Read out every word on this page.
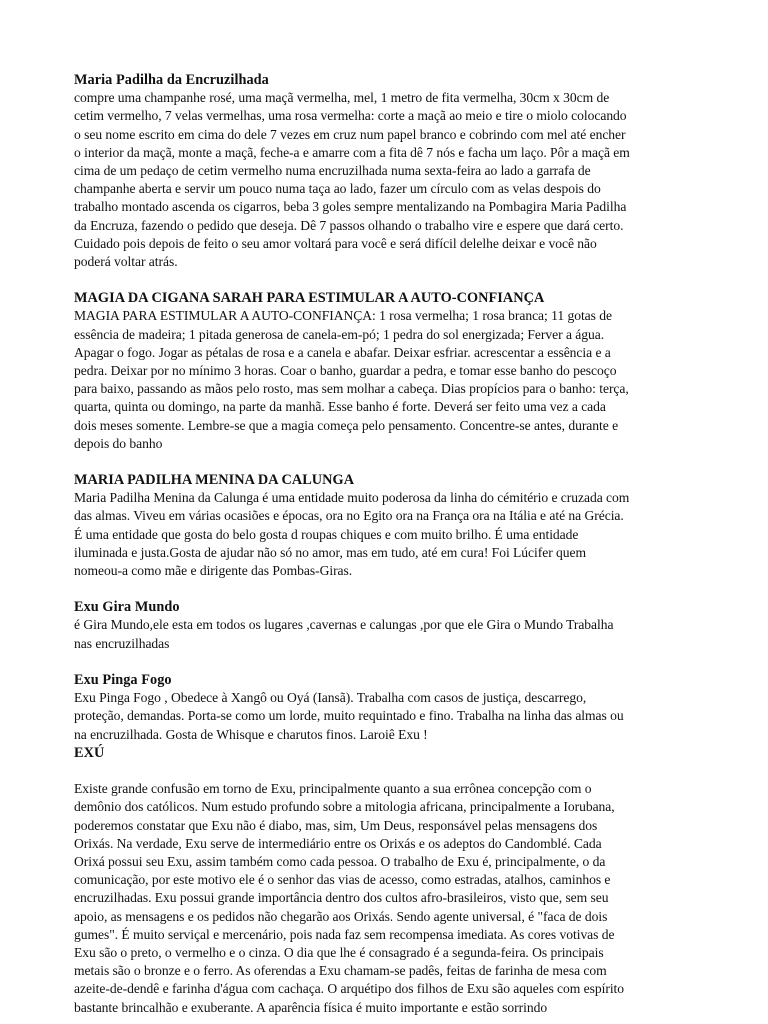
Maria Padilha da Encruzilhada
compre uma champanhe rosé, uma maçã vermelha, mel, 1 metro de fita vermelha, 30cm x 30cm de
cetim vermelho, 7 velas vermelhas, uma rosa vermelha: corte a maçã ao meio e tire o miolo colocando
o seu nome escrito em cima do dele 7 vezes em cruz num papel branco e cobrindo com mel até encher
o interior da maçã, monte a maçã, feche-a e amarre com a fita dê 7 nós e facha um laço. Pôr a maçã em
cima de um pedaço de cetim vermelho numa encruzilhada numa sexta-feira ao lado a garrafa de
champanhe aberta e servir um pouco numa taça ao lado, fazer um círculo com as velas despois do
trabalho montado ascenda os cigarros, beba 3 goles sempre mentalizando na Pombagira Maria Padilha
da Encruza, fazendo o pedido que deseja. Dê 7 passos olhando o trabalho vire e espere que dará certo.
Cuidado pois depois de feito o seu amor voltará para você e será difícil delelhe deixar e você não
poderá voltar atrás.
MAGIA DA CIGANA SARAH PARA ESTIMULAR A AUTO-CONFIANÇA
MAGIA PARA ESTIMULAR A AUTO-CONFIANÇA: 1 rosa vermelha; 1 rosa branca; 11 gotas de
essência de madeira; 1 pitada generosa de canela-em-pó; 1 pedra do sol energizada; Ferver a água.
Apagar o fogo. Jogar as pétalas de rosa e a canela e abafar. Deixar esfriar. acrescentar a essência e a
pedra. Deixar por no mínimo 3 horas. Coar o banho, guardar a pedra, e tomar esse banho do pescoço
para baixo, passando as mãos pelo rosto, mas sem molhar a cabeça. Dias propícios para o banho: terça,
quarta, quinta ou domingo, na parte da manhã. Esse banho é forte. Deverá ser feito uma vez a cada
dois meses somente. Lembre-se que a magia começa pelo pensamento. Concentre-se antes, durante e
depois do banho
MARIA PADILHA MENINA DA CALUNGA
Maria Padilha Menina da Calunga é uma entidade muito poderosa da linha do cémitério e cruzada com
das almas. Viveu em várias ocasiões e épocas, ora no Egito ora na França ora na Itália e até na Grécia.
É uma entidade que gosta do belo gosta d roupas chiques e com muito brilho. É uma entidade
iluminada e justa.Gosta de ajudar não só no amor, mas em tudo, até em cura! Foi Lúcifer quem
nomeou-a como mãe e dirigente das Pombas-Giras.
Exu Gira Mundo
é Gira Mundo,ele esta em todos os lugares ,cavernas e calungas ,por que ele Gira o Mundo Trabalha
nas encruzilhadas
Exu Pinga Fogo
Exu Pinga Fogo , Obedece à Xangô ou Oyá (Iansã). Trabalha com casos de justiça, descarrego,
proteção, demandas. Porta-se como um lorde, muito requintado e fino. Trabalha na linha das almas ou
na encruzilhada. Gosta de Whisque e charutos finos. Laroiê Exu !
EXÚ
Existe grande confusão em torno de Exu, principalmente quanto a sua errônea concepção com o
demônio dos católicos. Num estudo profundo sobre a mitologia africana, principalmente a Iorubana,
poderemos constatar que Exu não é diabo, mas, sim, Um Deus, responsável pelas mensagens dos
Orixás. Na verdade, Exu serve de intermediário entre os Orixás e os adeptos do Candomblé. Cada
Orixá possui seu Exu, assim também como cada pessoa. O trabalho de Exu é, principalmente, o da
comunicação, por este motivo ele é o senhor das vias de acesso, como estradas, atalhos, caminhos e
encruzilhadas. Exu possui grande importância dentro dos cultos afro-brasileiros, visto que, sem seu
apoio, as mensagens e os pedidos não chegarão aos Orixás. Sendo agente universal, é "faca de dois
gumes". É muito serviçal e mercenário, pois nada faz sem recompensa imediata. As cores votivas de
Exu são o preto, o vermelho e o cinza. O dia que lhe é consagrado é a segunda-feira. Os principais
metais são o bronze e o ferro. As oferendas a Exu chamam-se padês, feitas de farinha de mesa com
azeite-de-dendê e farinha d'água com cachaça. O arquétipo dos filhos de Exu são aqueles com espírito
bastante brincalhão e exuberante. A aparência física é muito importante e estão sorrindo
